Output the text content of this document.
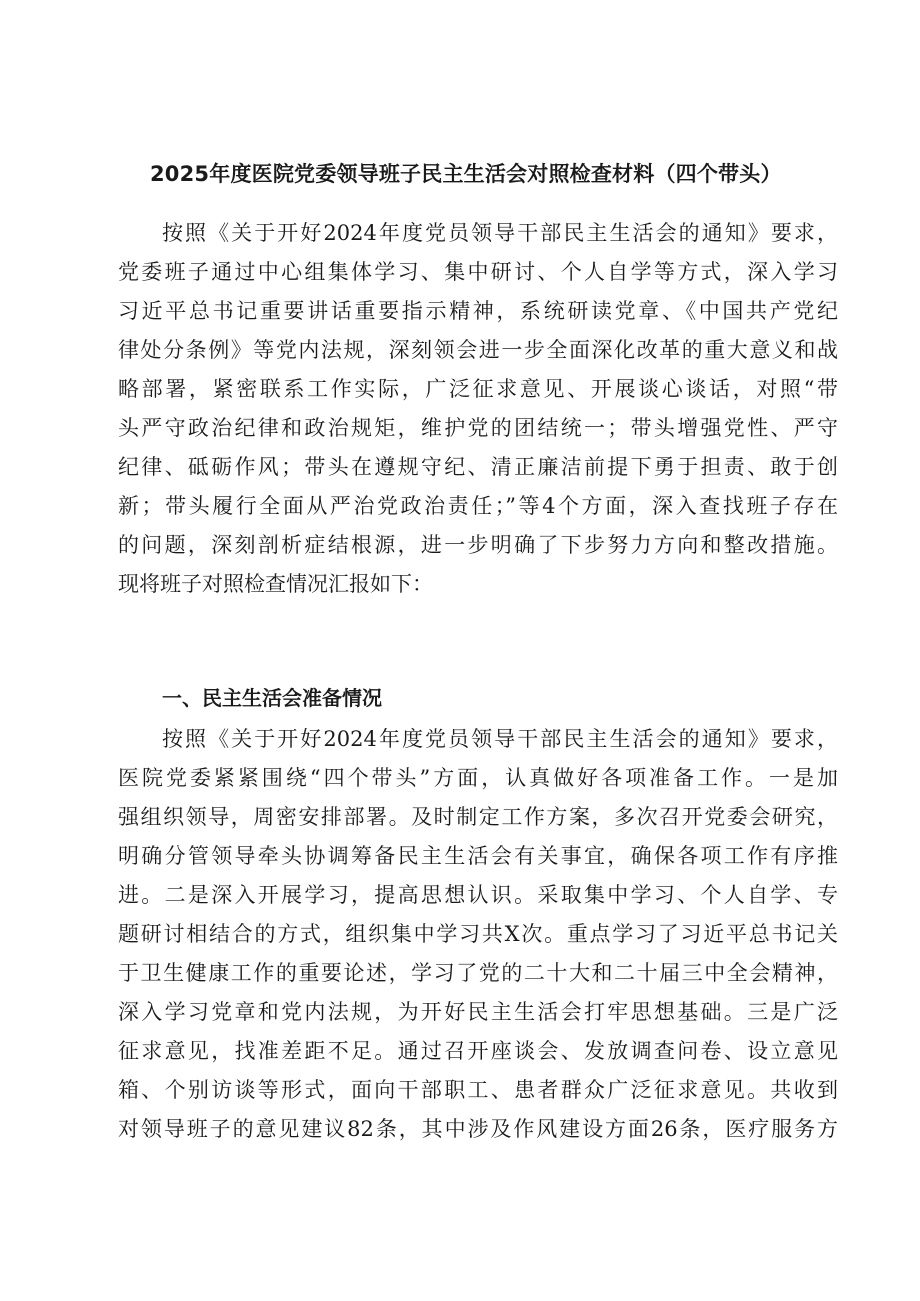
2025年度医院党委领导班子民主生活会对照检查材料（四个带头）
按照《关于开好2024年度党员领导干部民主生活会的通知》要求，
党委班子通过中心组集体学习、集中研讨、个人自学等方式，深入学习
习近平总书记重要讲话重要指示精神，系统研读党章、《中国共产党纪
律处分条例》等党内法规，深刻领会进一步全面深化改革的重大意义和战
略部署，紧密联系工作实际，广泛征求意见、开展谈心谈话，对照“带
头严守政治纪律和政治规矩，维护党的团结统一；带头增强党性、严守
纪律、砥砺作风；带头在遵规守纪、清正廉洁前提下勇于担责、敢于创
新；带头履行全面从严治党政治责任；”等4个方面，深入查找班子存在
的问题，深刻剖析症结根源，进一步明确了下步努力方向和整改措施。
现将班子对照检查情况汇报如下：
一、民主生活会准备情况
按照《关于开好2024年度党员领导干部民主生活会的通知》要求，
医院党委紧紧围绕“四个带头”方面，认真做好各项准备工作。一是加
强组织领导，周密安排部署。及时制定工作方案，多次召开党委会研究，
明确分管领导牵头协调筹备民主生活会有关事宜，确保各项工作有序推
进。二是深入开展学习，提高思想认识。采取集中学习、个人自学、专
题研讨相结合的方式，组织集中学习共X次。重点学习了习近平总书记关
于卫生健康工作的重要论述，学习了党的二十大和二十届三中全会精神，
深入学习党章和党内法规，为开好民主生活会打牢思想基础。三是广泛
征求意见，找准差距不足。通过召开座谈会、发放调查问卷、设立意见
箱、个别访谈等形式，面向干部职工、患者群众广泛征求意见。共收到
对领导班子的意见建议82条，其中涉及作风建设方面26条，医疗服务方
